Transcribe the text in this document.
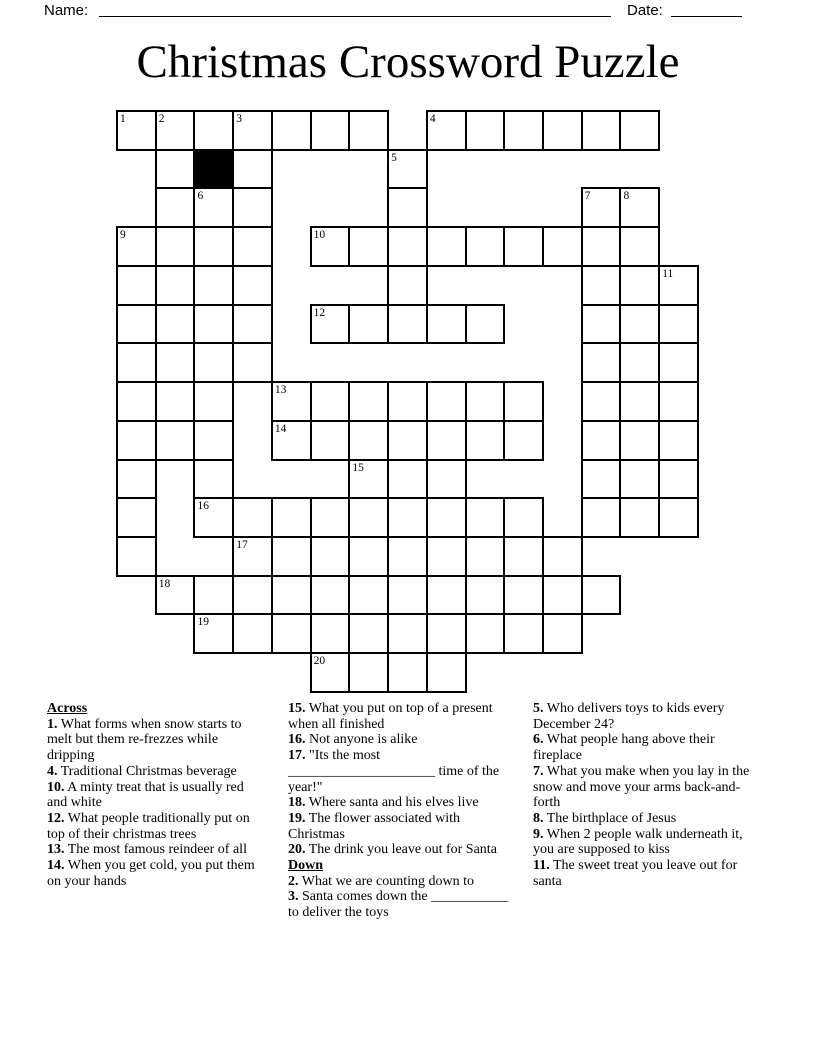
Name:	Date:
Christmas Crossword Puzzle
1	2	3	4
5
6	7	8
9	10
11
12
13
14
15
16
17
18
19
20
Across
1. What forms when snow starts to melt but them re-frezzes while dripping
4. Traditional Christmas beverage
10. A minty treat that is usually red and white
12. What people traditionally put on top of their christmas trees
13. The most famous reindeer of all
14. When you get cold, you put them on your hands
15. What you put on top of a present when all finished
16. Not anyone is alike
17. "Its the most _____________________ time of the year!"
18. Where santa and his elves live
19. The flower associated with Christmas
20. The drink you leave out for Santa
Down
2. What we are counting down to
3. Santa comes down the ___________ to deliver the toys
5. Who delivers toys to kids every December 24?
6. What people hang above their fireplace
7. What you make when you lay in the snow and move your arms back-and-forth
8. The birthplace of Jesus
9. When 2 people walk underneath it, you are supposed to kiss
11. The sweet treat you leave out for santa
